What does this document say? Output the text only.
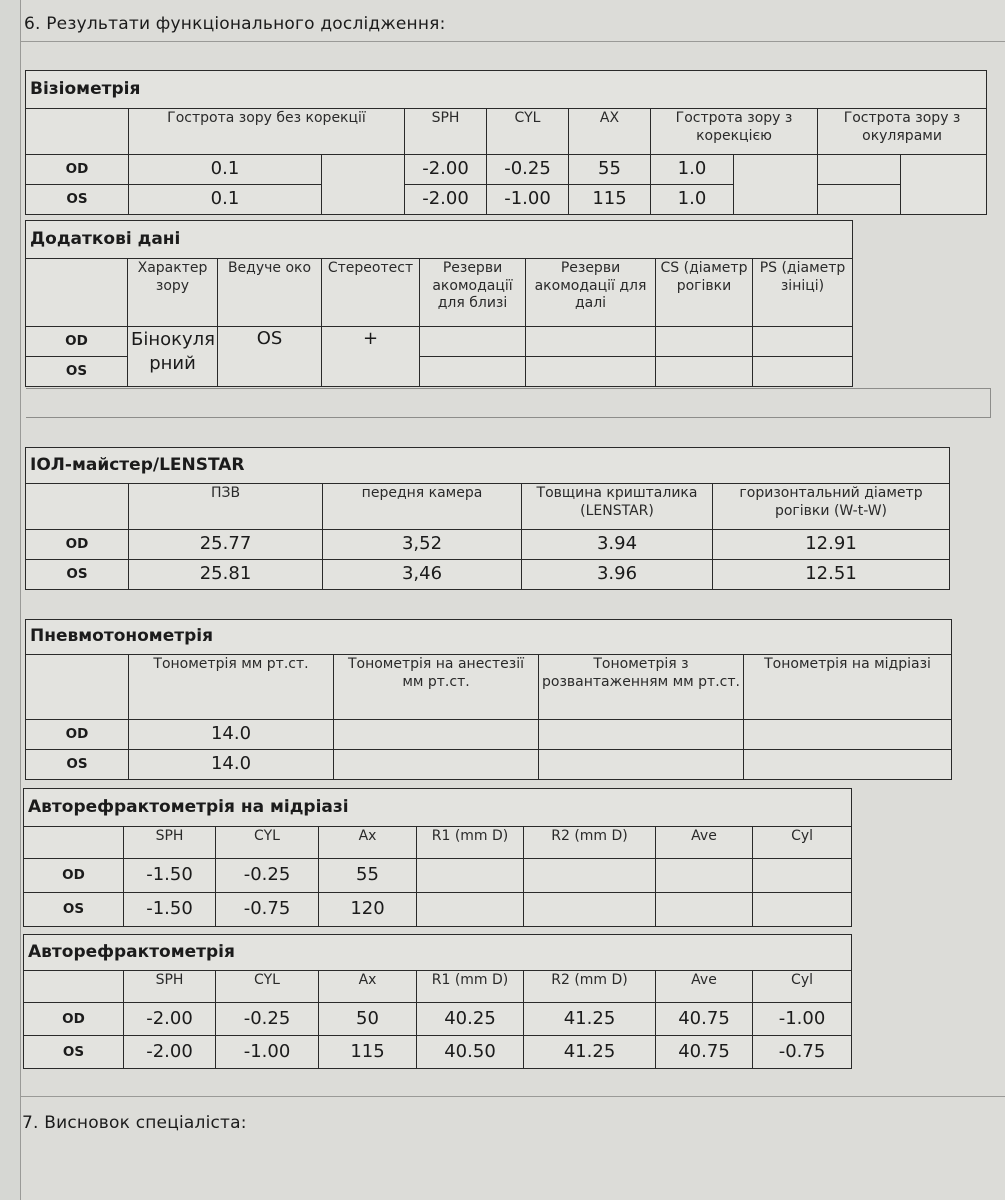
6. Результати функціонального дослідження:
Візіометрія									
	Гострота зору без корекції		SPH	CYL	AX	Гострота зору з корекцією		Гострота зору з окулярами	
OD	0.1		-2.00	-0.25	55	1.0			
OS	0.1		-2.00	-1.00	115	1.0			
Додаткові дані							
	Характер зору	Ведуче око	Стереотест	Резерви акомодації для близі	Резерви акомодації для далі	CS (діаметр рогівки	PS (діаметр зініці)
OD	Бінокуля рний	OS	+				
OS							
ІОЛ-майстер/LENSTAR				
	ПЗВ	передня камера	Товщина кришталика (LENSTAR)	горизонтальний діаметр рогівки (W-t-W)
OD	25.77	3,52	3.94	12.91
OS	25.81	3,46	3.96	12.51
Пневмотонометрія				
	Тонометрія мм рт.ст.	Тонометрія на анестезії мм рт.ст.	Тонометрія з розвантаженням мм рт.ст.	Тонометрія на мідріазі
OD	14.0			
OS	14.0			
Авторефрактометрія на мідріазі							
	SPH	CYL	Ax	R1 (mm D)	R2 (mm D)	Ave	Cyl
OD	-1.50	-0.25	55				
OS	-1.50	-0.75	120				
Авторефрактометрія							
	SPH	CYL	Ax	R1 (mm D)	R2 (mm D)	Ave	Cyl
OD	-2.00	-0.25	50	40.25	41.25	40.75	-1.00
OS	-2.00	-1.00	115	40.50	41.25	40.75	-0.75
7. Висновок спеціаліста:
